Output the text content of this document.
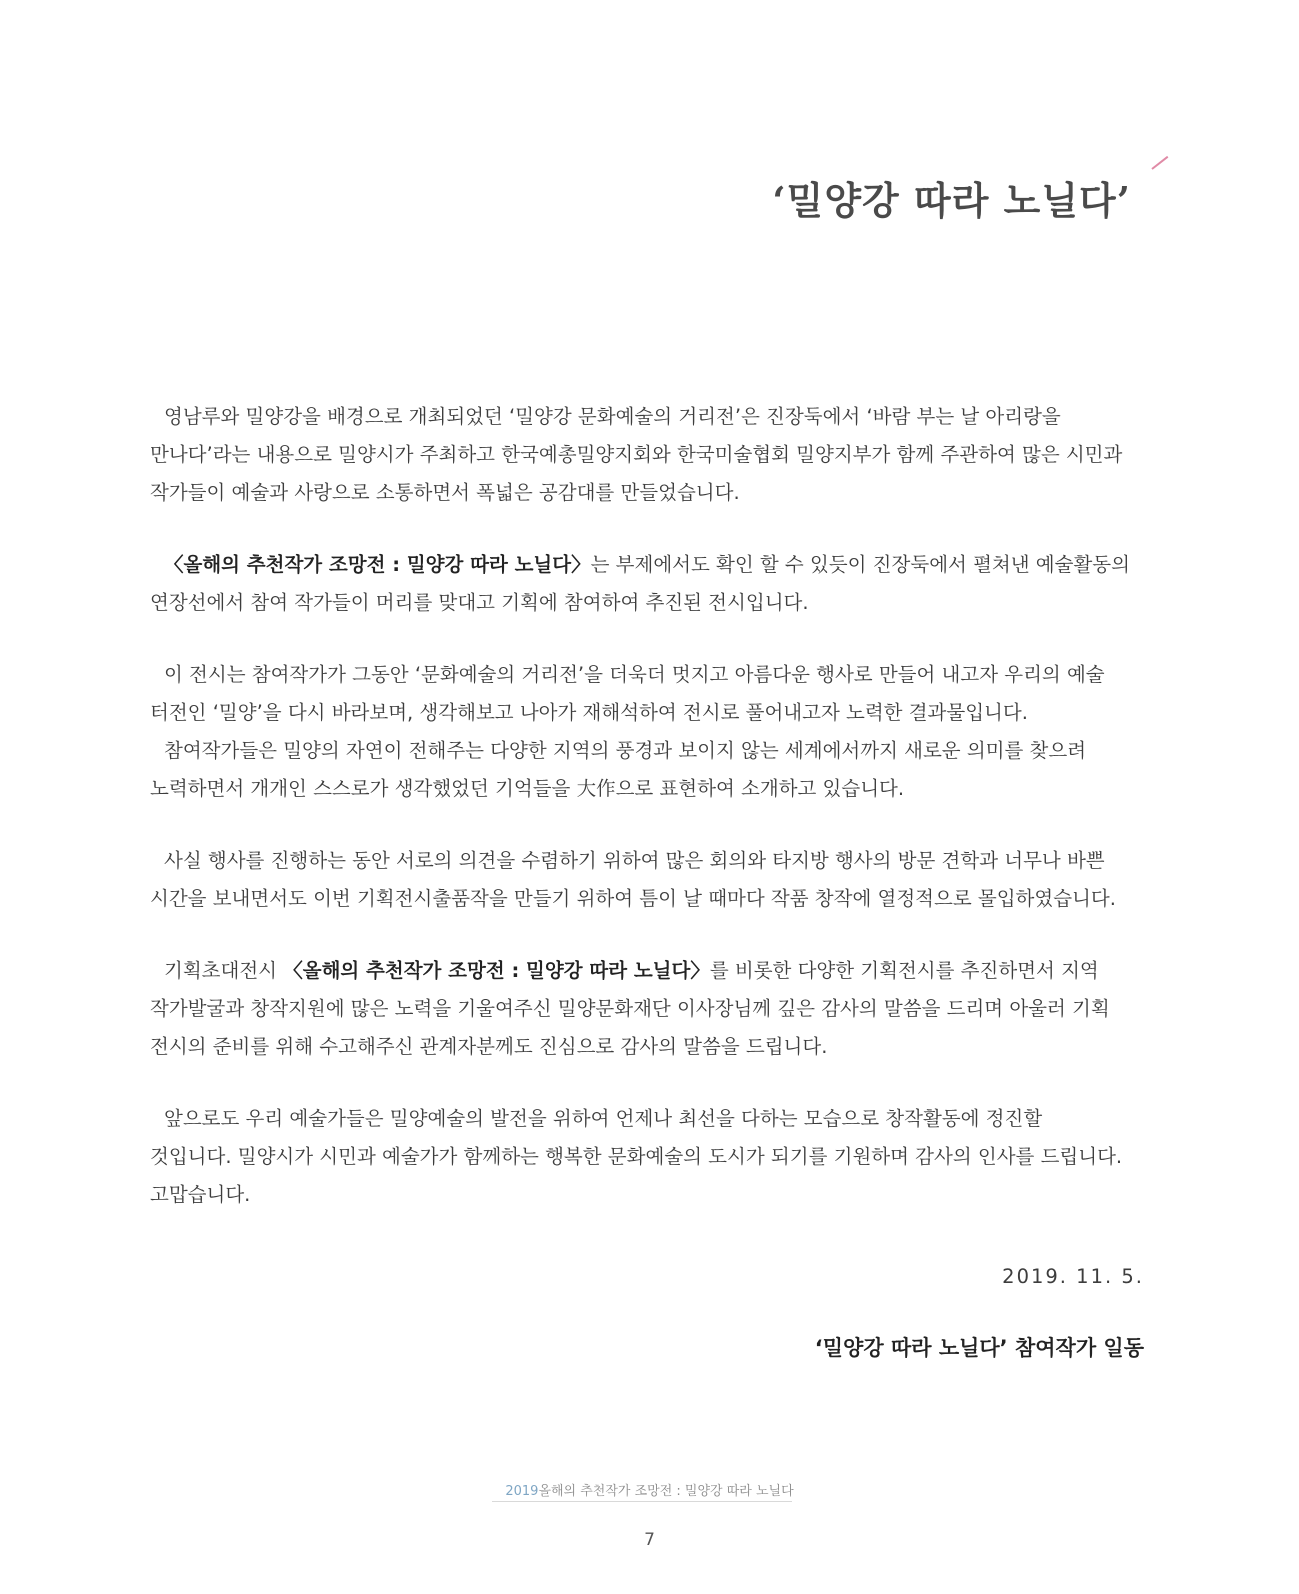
‘밀양강 따라 노닐다’

영남루와 밀양강을 배경으로 개최되었던 ‘밀양강 문화예술의 거리전’은 진장둑에서 ‘바람 부는 날 아리랑을
만나다’라는 내용으로 밀양시가 주최하고 한국예총밀양지회와 한국미술협회 밀양지부가 함께 주관하여 많은 시민과
작가들이 예술과 사랑으로 소통하면서 폭넓은 공감대를 만들었습니다.

〈올해의 추천작가 조망전 : 밀양강 따라 노닐다〉는 부제에서도 확인 할 수 있듯이 진장둑에서 펼쳐낸 예술활동의
연장선에서 참여 작가들이 머리를 맞대고 기획에 참여하여 추진된 전시입니다.

이 전시는 참여작가가 그동안 ‘문화예술의 거리전’을 더욱더 멋지고 아름다운 행사로 만들어 내고자 우리의 예술
터전인 ‘밀양’을 다시 바라보며, 생각해보고 나아가 재해석하여 전시로 풀어내고자 노력한 결과물입니다.

참여작가들은 밀양의 자연이 전해주는 다양한 지역의 풍경과 보이지 않는 세계에서까지 새로운 의미를 찾으려
노력하면서 개개인 스스로가 생각했었던 기억들을 大作으로 표현하여 소개하고 있습니다.

사실 행사를 진행하는 동안 서로의 의견을 수렴하기 위하여 많은 회의와 타지방 행사의 방문 견학과 너무나 바쁜
시간을 보내면서도 이번 기획전시출품작을 만들기 위하여 틈이 날 때마다 작품 창작에 열정적으로 몰입하였습니다.

기획초대전시 〈올해의 추천작가 조망전 : 밀양강 따라 노닐다〉를 비롯한 다양한 기획전시를 추진하면서 지역
작가발굴과 창작지원에 많은 노력을 기울여주신 밀양문화재단 이사장님께 깊은 감사의 말씀을 드리며 아울러 기획
전시의 준비를 위해 수고해주신 관계자분께도 진심으로 감사의 말씀을 드립니다.

앞으로도 우리 예술가들은 밀양예술의 발전을 위하여 언제나 최선을 다하는 모습으로 창작활동에 정진할
것입니다. 밀양시가 시민과 예술가가 함께하는 행복한 문화예술의 도시가 되기를 기원하며 감사의 인사를 드립니다.
고맙습니다.

2019. 11. 5.
‘밀양강 따라 노닐다’ 참여작가 일동
2019올해의 추천작가 조망전 : 밀양강 따라 노닐다
7
